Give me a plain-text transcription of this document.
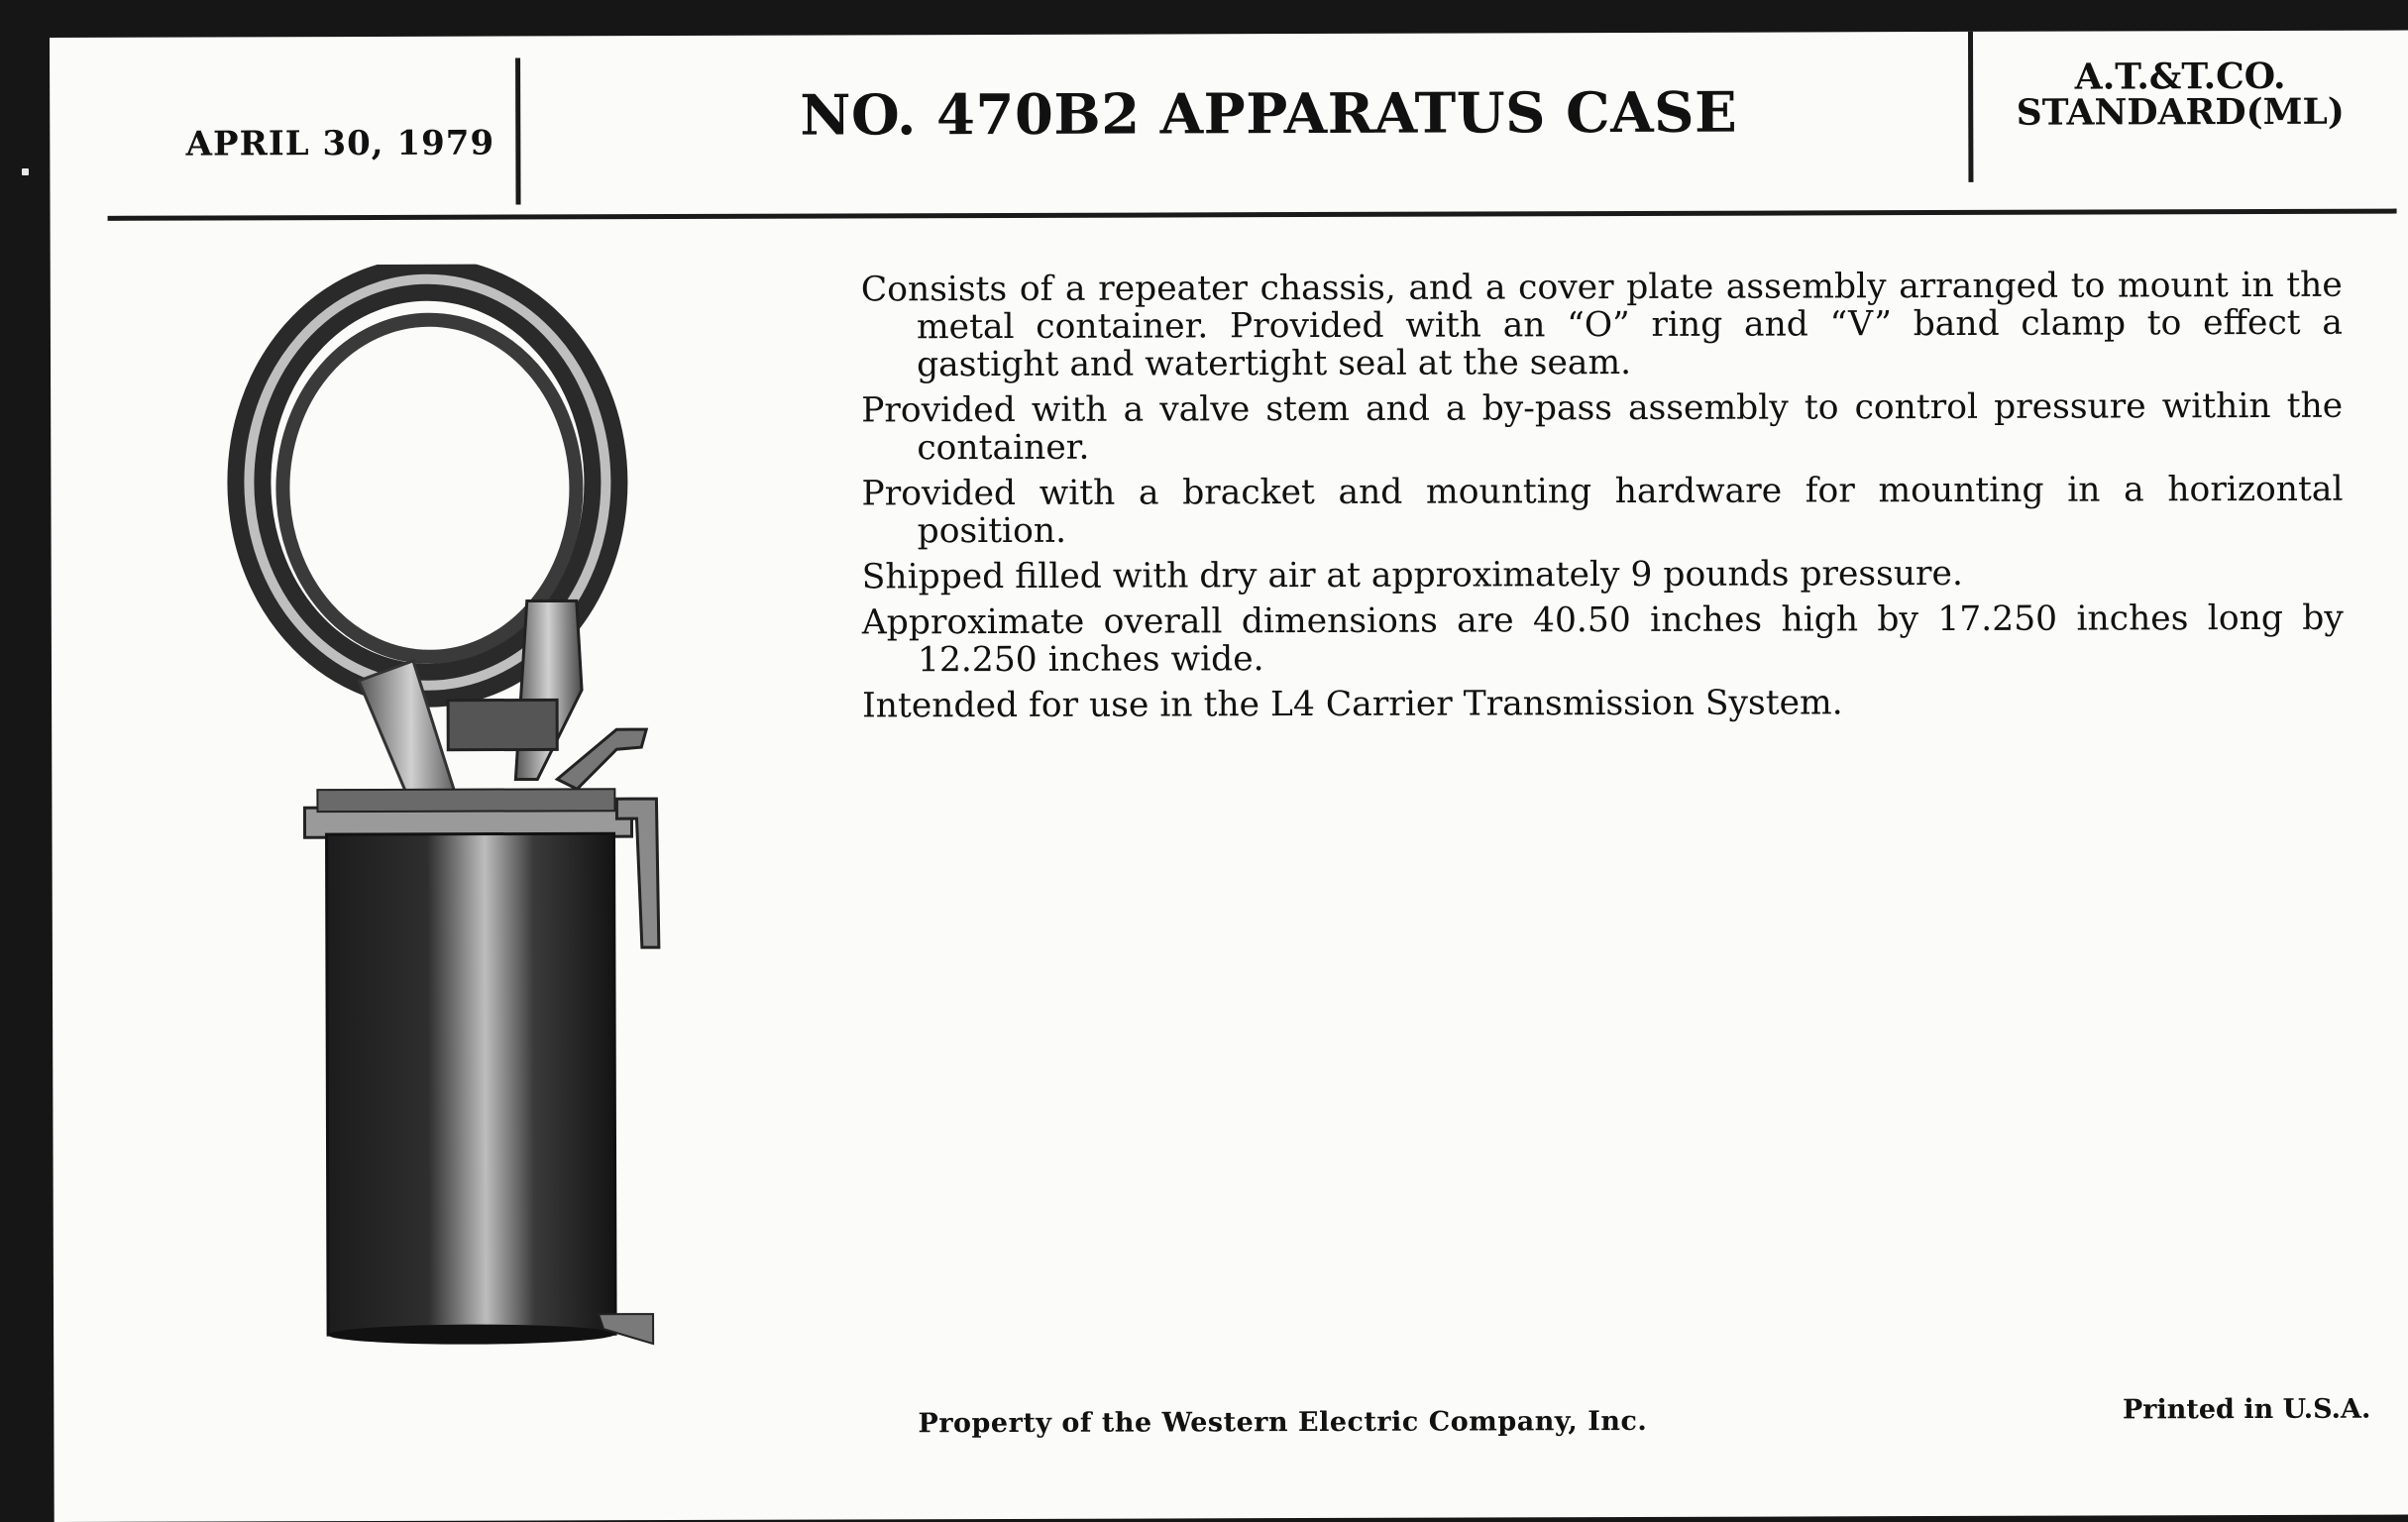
APRIL 30, 1979	NO. 470B2 APPARATUS CASE
A.T.&T.CO.
STANDARD(ML)
Consists of a repeater chassis, and a cover plate assembly arranged to mount in the metal container. Provided with an “O” ring and “V” band clamp to effect a gastight and watertight seal at the seam.
Provided with a valve stem and a by-pass assembly to control pressure within the container.
Provided with a bracket and mounting hardware for mounting in a horizontal position.
Shipped filled with dry air at approximately 9 pounds pressure.
Approximate overall dimensions are 40.50 inches high by 17.250 inches long by 12.250 inches wide.
Intended for use in the L4 Carrier Transmission System.
Property of the Western Electric Company, Inc.	Printed in U.S.A.
